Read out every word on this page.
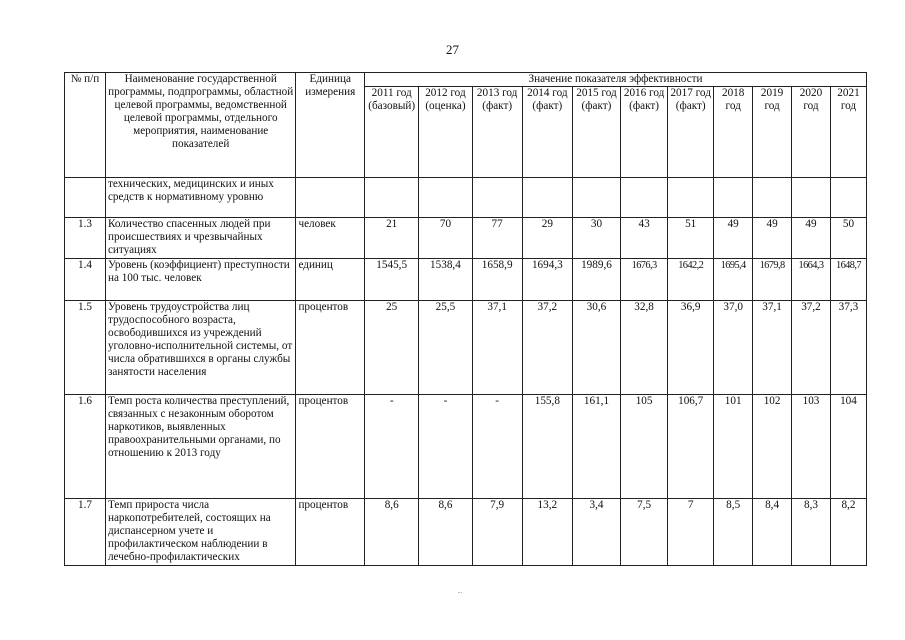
27
№ п/п	Наименование государственной программы, подпрограммы, областной целевой программы, ведомственной целевой программы, отдельного мероприятия, наименование показателей	Единица измерения	Значение показателя эффективности										
			2011 год (базовый)	2012 год (оценка)	2013 год (факт)	2014 год (факт)	2015 год (факт)	2016 год (факт)	2017 год (факт)	2018 год	2019 год	2020 год	2021 год
	технических, медицинских и иных средств к нормативному уровню												
1.3	Количество спасенных людей при происшествиях и чрезвычайных ситуациях	человек	21	70	77	29	30	43	51	49	49	49	50
1.4	Уровень (коэффициент) преступности на 100 тыс. человек	единиц	1545,5	1538,4	1658,9	1694,3	1989,6	1676,3	1642,2	1695,4	1679,8	1664,3	1648,7
1.5	Уровень трудоустройства лиц трудоспособного возраста, освободившихся из учреждений уголовно-исполнительной системы, от числа обратившихся в органы службы занятости населения	процентов	25	25,5	37,1	37,2	30,6	32,8	36,9	37,0	37,1	37,2	37,3
1.6	Темп роста количества преступлений, связанных с незаконным оборотом наркотиков, выявленных правоохранительными органами, по отношению к 2013 году	процентов	-	-	-	155,8	161,1	105	106,7	101	102	103	104
1.7	Темп прироста числа наркопотребителей, состоящих на диспансерном учете и профилактическом наблюдении в лечебно-профилактических	процентов	8,6	8,6	7,9	13,2	3,4	7,5	7	8,5	8,4	8,3	8,2
